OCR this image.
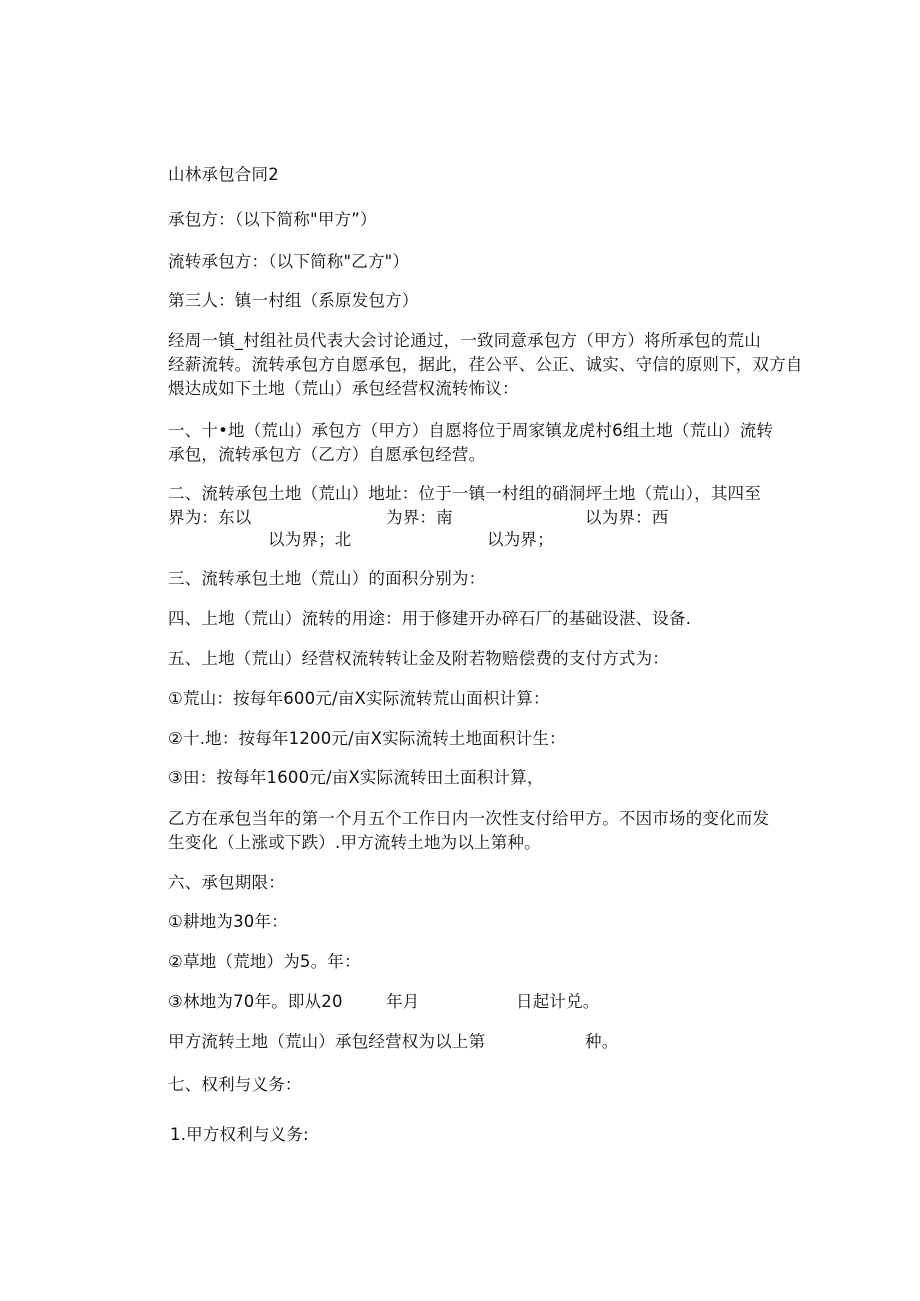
山林承包合同2
承包方：（以下简称"甲方”）
流转承包方：（以下简称"乙方"）
第三人：镇一村组（系原发包方）
经周一镇_村组社员代表大会讨论通过，一致同意承包方（甲方）将所承包的荒山
经薪流转。流转承包方自愿承包，据此，荏公平、公正、诚实、守信的原则下，双方自
煨达成如下土地（荒山）承包经营权流转怖议：
一、十•地（荒山）承包方（甲方）自愿将位于周家镇龙虎村6组土地（荒山）流转
承包，流转承包方（乙方）自愿承包经营。
二、流转承包土地（荒山）地址：位于一镇一村组的硝洞坪土地（荒山），其四至
界为：东以	为界：南	以为界：西
以为界；北	以为界；
三、流转承包土地（荒山）的面积分别为：
四、上地（荒山）流转的用途：用于修建开办碎石厂的基础设湛、设备.
五、上地（荒山）经营权流转转让金及附若物赔偿费的支付方式为：
①荒山：按每年600元/亩X实际流转荒山面枳计算：
②十.地：按每年1200元/亩X实际流转土地面积计生：
③田：按每年1600元/亩X实际流转田土面积计算，
乙方在承包当年的第一个月五个工作日内一次性支付给甲方。不因市场的变化而发
生变化（上涨或下跌）.甲方流转土地为以上第种。
六、承包期限：
①耕地为30年：
②草地（荒地）为5。年：
③林地为70年。即从20	年月	日起计兑。
甲方流转土地（荒山）承包经营权为以上第	种。
七、权利与义务：
1.甲方权利与义务:
